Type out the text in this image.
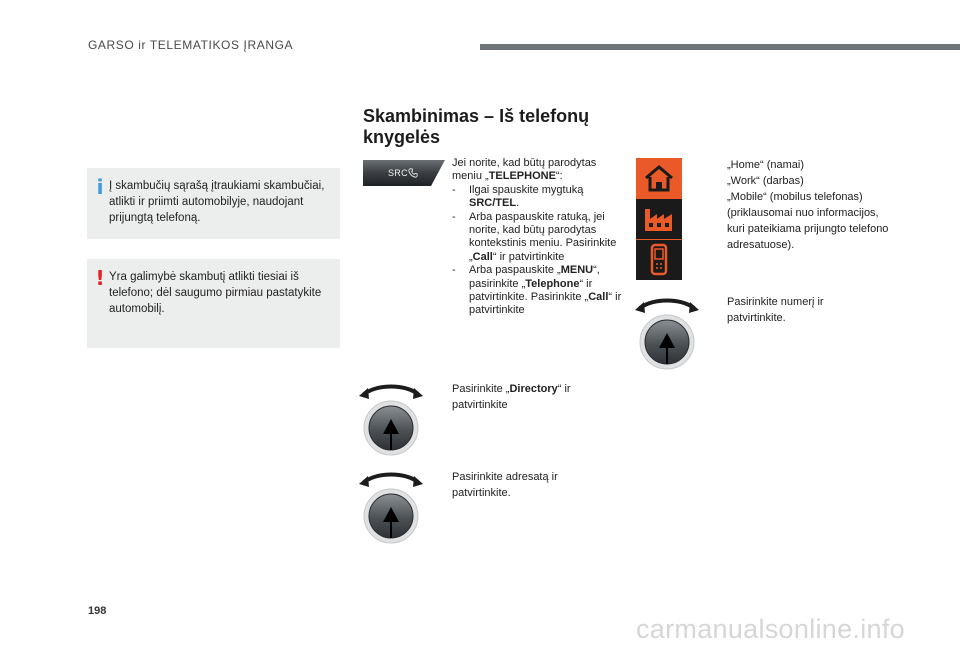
GARSO ir TELEMATIKOS ĮRANGA
i Į skambučių sąrašą įtraukiami skambučiai, atlikti ir priimti automobilyje, naudojant prijungtą telefoną.

! Yra galimybė skambutį atlikti tiesiai iš telefono; dėl saugumo pirmiau pastatykite automobilį.

Skambinimas – Iš telefonų knygelės
SRC

Jei norite, kad būtų parodytas meniu „TELEPHONE“:

- Ilgai spauskite mygtuką SRC/TEL.
- Arba paspauskite ratuką, jei norite, kad būtų parodytas kontekstinis meniu. Pasirinkite „Call“ ir patvirtinkite
- Arba paspauskite „MENU“, pasirinkite „Telephone“ ir patvirtinkite. Pasirinkite „Call“ ir patvirtinkite

Pasirinkite „Directory“ ir patvirtinkite

Pasirinkite adresatą ir patvirtinkite.

„Home“ (namai)

„Work“ (darbas)

„Mobile“ (mobilus telefonas)

(priklausomai nuo informacijos, kuri pateikiama prijungto telefono adresatuose).

Pasirinkite numerį ir patvirtinkite.

198
carmanualsonline.info
